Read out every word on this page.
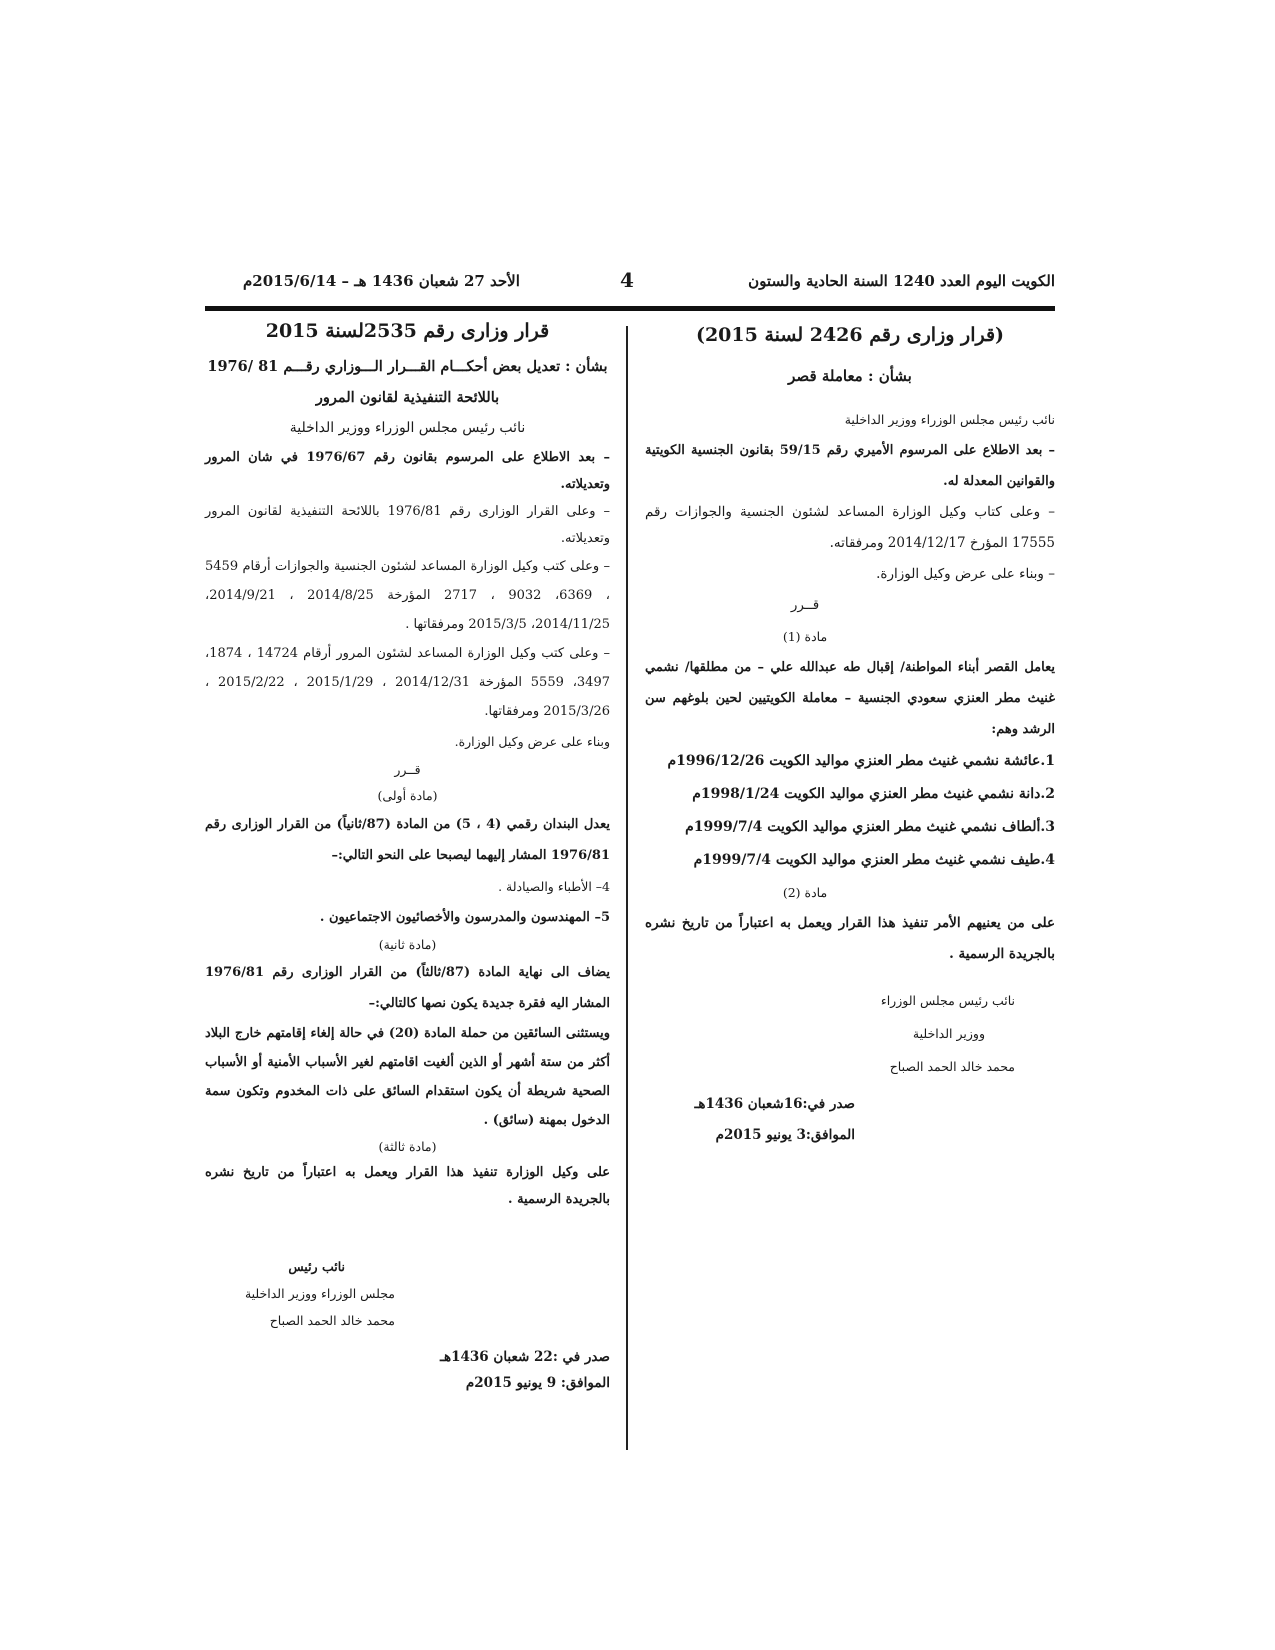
الكويت اليوم العدد 1240 السنة الحادية والستون
4
الأحد 27 شعبان 1436 هـ – 2015/6/14م

(قرار وزارى رقم 2426 لسنة 2015)

بشأن : معاملة قصر

نائب رئيس مجلس الوزراء ووزير الداخلية

– بعد الاطلاع على المرسوم الأميري رقم 59/15 بقانون الجنسية الكويتية والقوانين المعدلة له.

– وعلى كتاب وكيل الوزارة المساعد لشئون الجنسية والجوازات رقم 17555 المؤرخ 2014/12/17 ومرفقاته.

– وبناء على عرض وكيل الوزارة.

قــرر

مادة (1)

يعامل القصر أبناء المواطنة/ إقبال طه عبدالله علي – من مطلقها/ نشمي غنيث مطر العنزي سعودي الجنسية – معاملة الكويتيين لحين بلوغهم سن الرشد وهم:

1.عائشة نشمي غنيث مطر العنزي مواليد الكويت 1996/12/26م

2.دانة نشمي غنيث مطر العنزي مواليد الكويت 1998/1/24م

3.ألطاف نشمي غنيث مطر العنزي مواليد الكويت 1999/7/4م

4.طيف نشمي غنيث مطر العنزي مواليد الكويت 1999/7/4م

مادة (2)

على من يعنيهم الأمر تنفيذ هذا القرار ويعمل به اعتباراً من تاريخ نشره بالجريدة الرسمية .

نائب رئيس مجلس الوزراء

ووزير الداخلية

محمد خالد الحمد الصباح

صدر في:16شعبان 1436هـ

الموافق:3 يونيو 2015م

قرار وزارى رقم 2535لسنة 2015

بشأن : تعديل بعض أحكـــام القـــرار الـــوزاري رقـــم 81 /1976 باللائحة التنفيذية لقانون المرور

نائب رئيس مجلس الوزراء ووزير الداخلية

– بعد الاطلاع على المرسوم بقانون رقم 1976/67 في شان المرور وتعديلاته.

– وعلى القرار الوزارى رقم 1976/81 باللائحة التنفيذية لقانون المرور وتعديلاته.

– وعلى كتب وكيل الوزارة المساعد لشئون الجنسية والجوازات أرقام 5459 ، 6369، 9032 ، 2717 المؤرخة 2014/8/25 ، 2014/9/21، 2014/11/25، 2015/3/5 ومرفقاتها .

– وعلى كتب وكيل الوزارة المساعد لشئون المرور أرقام 14724 ، 1874، 3497، 5559 المؤرخة 2014/12/31 ، 2015/1/29 ، 2015/2/22 ، 2015/3/26 ومرفقاتها.

وبناء على عرض وكيل الوزارة.

قــرر

(مادة أولى)

يعدل البندان رقمي (4 ، 5) من المادة (87/ثانياً) من القرار الوزارى رقم 1976/81 المشار إليهما ليصبحا على النحو التالي:–

4– الأطباء والصيادلة .

5– المهندسون والمدرسون والأخصائيون الاجتماعيون .

(مادة ثانية)

يضاف الى نهاية المادة (87/ثالثاً) من القرار الوزارى رقم 1976/81 المشار اليه فقرة جديدة يكون نصها كالتالي:–

ويستثنى السائقين من حملة المادة (20) في حالة إلغاء إقامتهم خارج البلاد أكثر من ستة أشهر أو الذين ألغيت اقامتهم لغير الأسباب الأمنية أو الأسباب الصحية شريطة أن يكون استقدام السائق على ذات المخدوم وتكون سمة الدخول بمهنة (سائق) .

(مادة ثالثة)

على وكيل الوزارة تنفيذ هذا القرار ويعمل به اعتباراً من تاريخ نشره بالجريدة الرسمية .

نائب رئيس

مجلس الوزراء ووزير الداخلية

محمد خالد الحمد الصباح

صدر في :22 شعبان 1436هـ

الموافق: 9 يونيو 2015م
